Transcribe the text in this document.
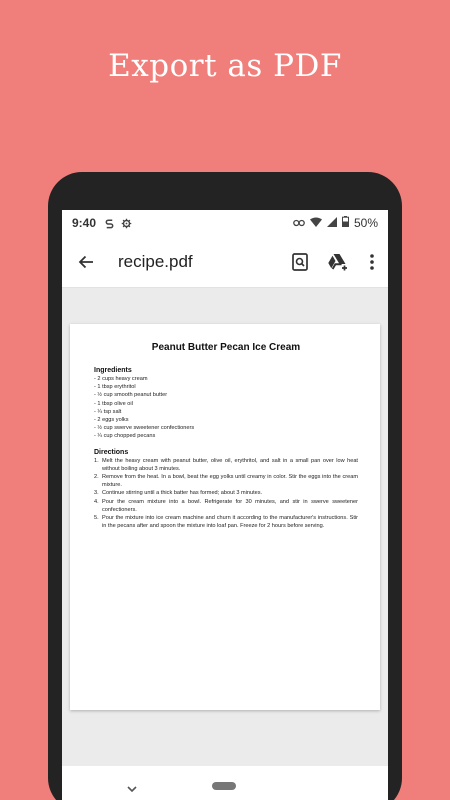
Export as PDF
9:40	50%
recipe.pdf
Peanut Butter Pecan Ice Cream
Ingredients
- 2 cups heavy cream
- 1 tbsp erythritol
- ½ cup smooth peanut butter
- 1 tbsp olive oil
- ¼ tsp salt
- 2 eggs yolks
- ½ cup swerve sweetener confectioners
- ¼ cup chopped pecans
Directions
1. Melt the heavy cream with peanut butter, olive oil, erythritol, and salt in a small pan over low heat without boiling about 3 minutes.
2. Remove from the heat. In a bowl, beat the egg yolks until creamy in color. Stir the eggs into the cream mixture.
3. Continue stirring until a thick batter has formed; about 3 minutes.
4. Pour the cream mixture into a bowl. Refrigerate for 30 minutes, and stir in swerve sweetener confectioners.
5. Pour the mixture into ice cream machine and churn it according to the manufacturer's instructions. Stir in the pecans after and spoon the mixture into loaf pan. Freeze for 2 hours before serving.
